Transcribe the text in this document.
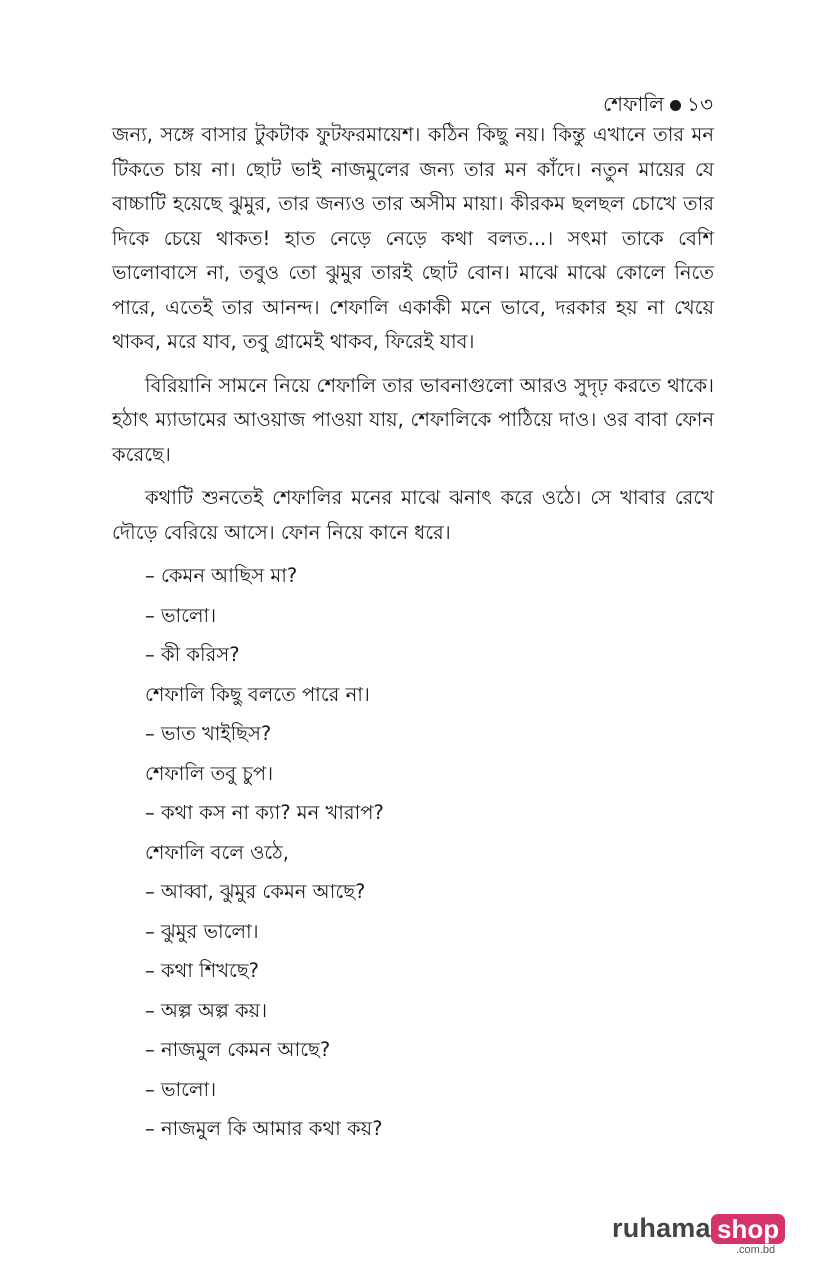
শেফালি ১৩

জন্য, সঙ্গে বাসার টুকটাক ফুটফরমায়েশ। কঠিন কিছু নয়। কিন্তু এখানে তার মন টিকতে চায় না। ছোট ভাই নাজমুলের জন্য তার মন কাঁদে। নতুন মায়ের যে বাচ্চাটি হয়েছে ঝুমুর, তার জন্যও তার অসীম মায়া। কীরকম ছলছল চোখে তার দিকে চেয়ে থাকত! হাত নেড়ে নেড়ে কথা বলত...। সৎমা তাকে বেশি ভালোবাসে না, তবুও তো ঝুমুর তারই ছোট বোন। মাঝে মাঝে কোলে নিতে পারে, এতেই তার আনন্দ। শেফালি একাকী মনে ভাবে, দরকার হয় না খেয়ে থাকব, মরে যাব, তবু গ্রামেই থাকব, ফিরেই যাব।

বিরিয়ানি সামনে নিয়ে শেফালি তার ভাবনাগুলো আরও সুদৃঢ় করতে থাকে। হঠাৎ ম্যাডামের আওয়াজ পাওয়া যায়, শেফালিকে পাঠিয়ে দাও। ওর বাবা ফোন করেছে।

কথাটি শুনতেই শেফালির মনের মাঝে ঝনাৎ করে ওঠে। সে খাবার রেখে দৌড়ে বেরিয়ে আসে। ফোন নিয়ে কানে ধরে।

– কেমন আছিস মা?

– ভালো।

– কী করিস?

শেফালি কিছু বলতে পারে না।

– ভাত খাইছিস?

শেফালি তবু চুপ।

– কথা কস না ক্যা? মন খারাপ?

শেফালি বলে ওঠে,

– আব্বা, ঝুমুর কেমন আছে?

– ঝুমুর ভালো।

– কথা শিখছে?

– অল্প অল্প কয়।

– নাজমুল কেমন আছে?

– ভালো।

– নাজমুল কি আমার কথা কয়?

ruhama shop
.com.bd
